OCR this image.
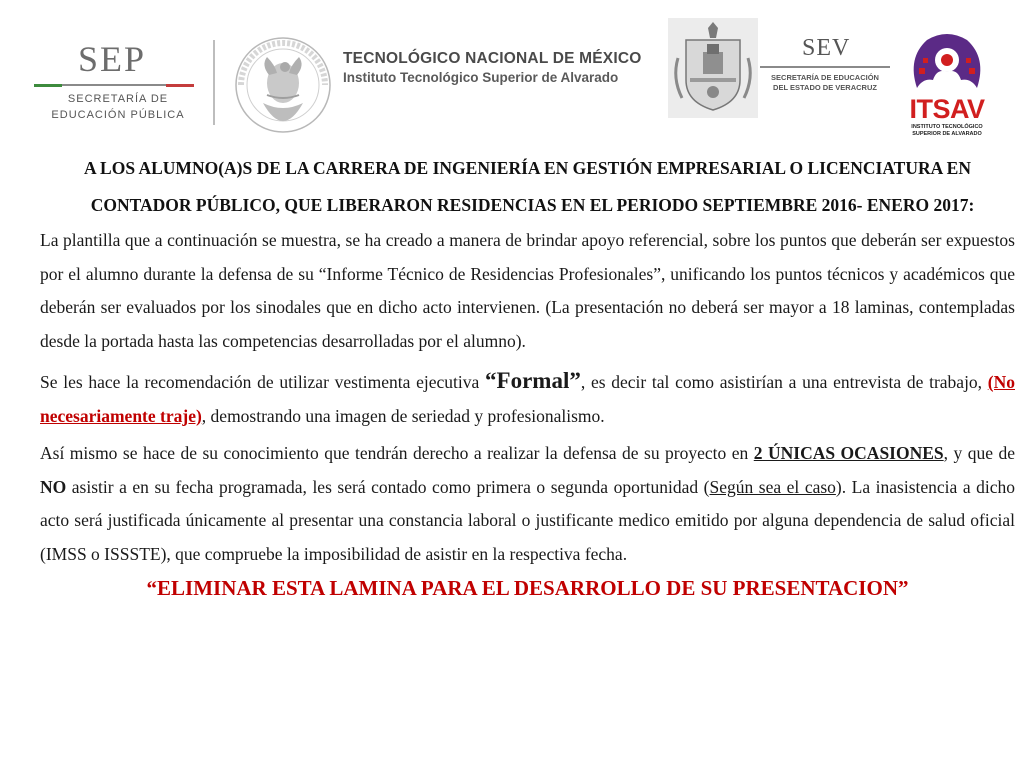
SEP
SECRETARÍA DE
EDUCACIÓN PÚBLICA
TECNOLÓGICO NACIONAL DE MÉXICO
Instituto Tecnológico Superior de Alvarado
SEV
SECRETARÍA DE EDUCACIÓN
DEL ESTADO DE VERACRUZ
ITSAV
INSTITUTO TECNOLÓGICO
SUPERIOR DE ALVARADO
A LOS ALUMNO(A)S DE LA CARRERA DE INGENIERÍA EN GESTIÓN EMPRESARIAL O LICENCIATURA EN
CONTADOR PÚBLICO, QUE LIBERARON RESIDENCIAS EN EL PERIODO SEPTIEMBRE 2016- ENERO 2017:

La plantilla que a continuación se muestra, se ha creado a manera de brindar apoyo referencial, sobre los puntos que deberán ser expuestos por el alumno durante la defensa de su “Informe Técnico de Residencias Profesionales”, unificando los puntos técnicos y académicos que deberán ser evaluados por los sinodales que en dicho acto intervienen. (La presentación no deberá ser mayor a 18 laminas, contempladas desde la portada hasta las competencias desarrolladas por el alumno).

Se les hace la recomendación de utilizar vestimenta ejecutiva “Formal”, es decir tal como asistirían a una entrevista de trabajo, (No necesariamente traje), demostrando una imagen de seriedad y profesionalismo.

Así mismo se hace de su conocimiento que tendrán derecho a realizar la defensa de su proyecto en 2 ÚNICAS OCASIONES, y que de NO asistir a en su fecha programada, les será contado como primera o segunda oportunidad (Según sea el caso). La inasistencia a dicho acto será justificada únicamente al presentar una constancia laboral o justificante medico emitido por alguna dependencia de salud oficial (IMSS o ISSSTE), que compruebe la imposibilidad de asistir en la respectiva fecha.

“ELIMINAR ESTA LAMINA PARA EL DESARROLLO DE SU PRESENTACION”
